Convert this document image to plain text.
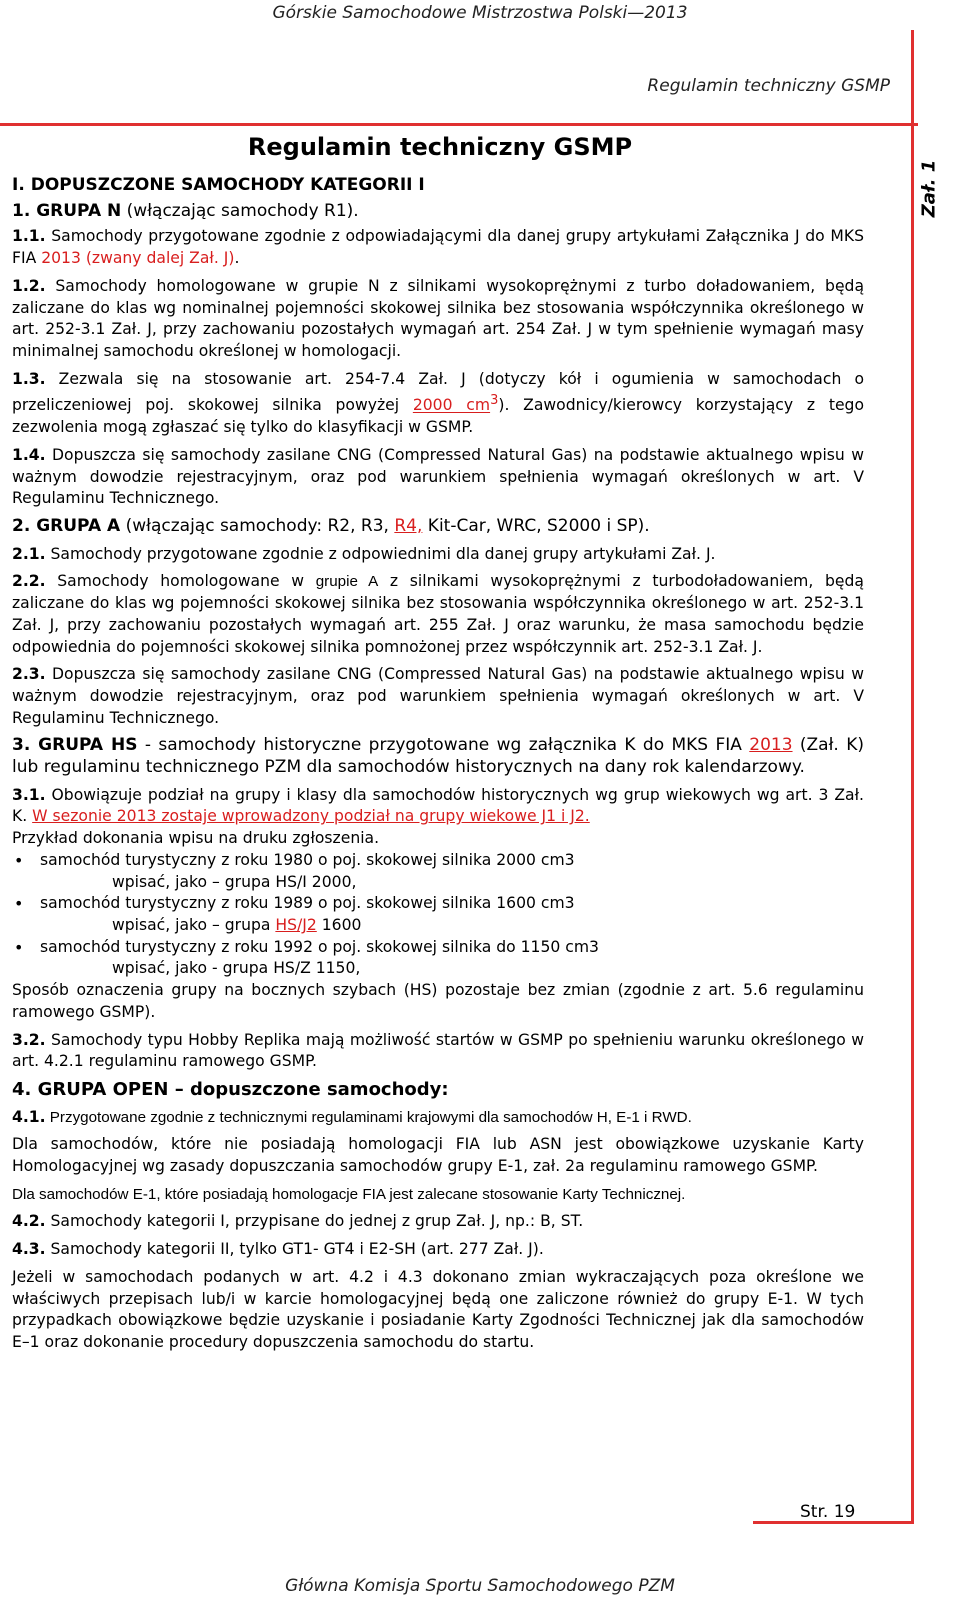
Górskie Samochodowe Mistrzostwa Polski—2013
Regulamin techniczny GSMP
Zał. 1
Regulamin techniczny GSMP

I. DOPUSZCZONE SAMOCHODY KATEGORII I

1. GRUPA N (włączając samochody R1).

1.1. Samochody przygotowane zgodnie z odpowiadającymi dla danej grupy artykułami Załącznika J do MKS FIA 2013 (zwany dalej Zał. J).

1.2. Samochody homologowane w grupie N z silnikami wysokoprężnymi z turbo doładowaniem, będą zaliczane do klas wg nominalnej pojemności skokowej silnika bez stosowania współczynnika określonego w art. 252-3.1 Zał. J, przy zachowaniu pozostałych wymagań art. 254 Zał. J w tym spełnienie wymagań masy minimalnej samochodu określonej w homologacji.

1.3. Zezwala się na stosowanie art. 254-7.4 Zał. J (dotyczy kół i ogumienia w samochodach o przeliczeniowej poj. skokowej silnika powyżej 2000 $cm^3$). Zawodnicy/kierowcy korzystający z tego zezwolenia mogą zgłaszać się tylko do klasyfikacji w GSMP.

1.4. Dopuszcza się samochody zasilane CNG (Compressed Natural Gas) na podstawie aktualnego wpisu w ważnym dowodzie rejestracyjnym, oraz pod warunkiem spełnienia wymagań określonych w art. V Regulaminu Technicznego.

2. GRUPA A (włączając samochody: R2, R3, R4, Kit-Car, WRC, S2000 i SP).

2.1. Samochody przygotowane zgodnie z odpowiednimi dla danej grupy artykułami Zał. J.

2.2. Samochody homologowane w grupie A z silnikami wysokoprężnymi z turbodoładowaniem, będą zaliczane do klas wg pojemności skokowej silnika bez stosowania współczynnika określonego w art. 252-3.1 Zał. J, przy zachowaniu pozostałych wymagań art. 255 Zał. J oraz warunku, że masa samochodu będzie odpowiednia do pojemności skokowej silnika pomnożonej przez współczynnik art. 252-3.1 Zał. J.

2.3. Dopuszcza się samochody zasilane CNG (Compressed Natural Gas) na podstawie aktualnego wpisu w ważnym dowodzie rejestracyjnym, oraz pod warunkiem spełnienia wymagań określonych w art. V Regulaminu Technicznego.

3. GRUPA HS - samochody historyczne przygotowane wg załącznika K do MKS FIA 2013 (Zał. K) lub regulaminu technicznego PZM dla samochodów historycznych na dany rok kalendarzowy.

3.1. Obowiązuje podział na grupy i klasy dla samochodów historycznych wg grup wiekowych wg art. 3 Zał. K. W sezonie 2013 zostaje wprowadzony podział na grupy wiekowe J1 i J2.
Przykład dokonania wpisu na druku zgłoszenia.

• samochód turystyczny z roku 1980 o poj. skokowej silnika 2000 cm3
wpisać, jako – grupa HS/I 2000,
• samochód turystyczny z roku 1989 o poj. skokowej silnika 1600 cm3
wpisać, jako – grupa HS/J2 1600
• samochód turystyczny z roku 1992 o poj. skokowej silnika do 1150 cm3
wpisać, jako - grupa HS/Z 1150,

Sposób oznaczenia grupy na bocznych szybach (HS) pozostaje bez zmian (zgodnie z art. 5.6 regulaminu ramowego GSMP).

3.2. Samochody typu Hobby Replika mają możliwość startów w GSMP po spełnieniu warunku określonego w art. 4.2.1 regulaminu ramowego GSMP.

4. GRUPA OPEN – dopuszczone samochody:

4.1. Przygotowane zgodnie z technicznymi regulaminami krajowymi dla samochodów H, E-1 i RWD.

Dla samochodów, które nie posiadają homologacji FIA lub ASN jest obowiązkowe uzyskanie Karty Homologacyjnej wg zasady dopuszczania samochodów grupy E-1, zał. 2a regulaminu ramowego GSMP.

Dla samochodów E-1, które posiadają homologacje FIA jest zalecane stosowanie Karty Technicznej.

4.2. Samochody kategorii I, przypisane do jednej z grup Zał. J, np.: B, ST.

4.3. Samochody kategorii II, tylko GT1- GT4 i E2-SH (art. 277 Zał. J).

Jeżeli w samochodach podanych w art. 4.2 i 4.3 dokonano zmian wykraczających poza określone we właściwych przepisach lub/i w karcie homologacyjnej będą one zaliczone również do grupy E-1. W tych przypadkach obowiązkowe będzie uzyskanie i posiadanie Karty Zgodności Technicznej jak dla samochodów E–1 oraz dokonanie procedury dopuszczenia samochodu do startu.

Str. 19
Główna Komisja Sportu Samochodowego PZM
